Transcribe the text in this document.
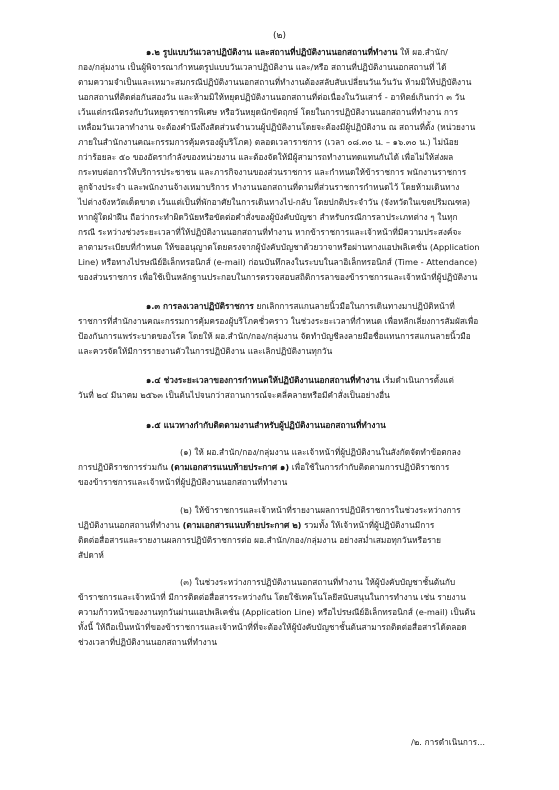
(๒)
๑.๒ รูปแบบวันเวลาปฏิบัติงาน และสถานที่ปฏิบัติงานนอกสถานที่ทำงาน ให้ ผอ.สำนัก/
กอง/กลุ่มงาน เป็นผู้พิจารณากำหนดรูปแบบวันเวลาปฏิบัติงาน และ/หรือ สถานที่ปฏิบัติงานนอกสถานที่ ได้
ตามความจำเป็นและเหมาะสมกรณีปฏิบัติงานนอกสถานที่ทำงานต้องสลับสับเปลี่ยนวันเว้นวัน ห้ามมิให้ปฏิบัติงาน
นอกสถานที่ติดต่อกันสองวัน และห้ามมิให้หยุดปฏิบัติงานนอกสถานที่ต่อเนื่องในวันเสาร์ - อาทิตย์เกินกว่า ๓ วัน
เว้นแต่กรณีตรงกับวันหยุดราชการพิเศษ หรือวันหยุดนักขัตฤกษ์ โดยในการปฏิบัติงานนอกสถานที่ทำงาน การ
เหลื่อมวันเวลาทำงาน จะต้องคำนึงถึงสัดส่วนจำนวนผู้ปฏิบัติงานโดยจะต้องมีผู้ปฏิบัติงาน ณ สถานที่ตั้ง (หน่วยงาน
ภายในสำนักงานคณะกรรมการคุ้มครองผู้บริโภค) ตลอดเวลาราชการ (เวลา ๐๘.๓๐ น. – ๑๖.๓๐ น.) ไม่น้อย
กว่าร้อยละ ๕๐ ของอัตรากำลังของหน่วยงาน และต้องจัดให้มีผู้สามารถทำงานทดแทนกันได้ เพื่อไม่ให้ส่งผล
กระทบต่อการให้บริการประชาชน และภารกิจงานของส่วนราชการ และกำหนดให้ข้าราชการ พนักงานราชการ
ลูกจ้างประจำ และพนักงานจ้างเหมาบริการ ทำงานนอกสถานที่ตามที่ส่วนราชการกำหนดไว้ โดยห้ามเดินทาง
ไปต่างจังหวัดเด็ดขาด เว้นแต่เป็นที่พักอาศัยในการเดินทางไป-กลับ โดยปกติประจำวัน (จังหวัดในเขตปริมณฑล)
หากผู้ใดฝ่าฝืน ถือว่ากระทำผิดวินัยหรือขัดต่อคำสั่งของผู้บังคับบัญชา สำหรับกรณีการลาประเภทต่าง ๆ ในทุก
กรณี ระหว่างช่วงระยะเวลาที่ให้ปฏิบัติงานนอกสถานที่ทำงาน หากข้าราชการและเจ้าหน้าที่มีความประสงค์จะ
ลาตามระเบียบที่กำหนด ให้ขออนุญาตโดยตรงจากผู้บังคับบัญชาด้วยวาจาหรือผ่านทางแอปพลิเคชั่น (Application
Line) หรือทางไปรษณีย์อิเล็กทรอนิกส์ (e-mail) ก่อนบันทึกลงในระบบในลาอิเล็กทรอนิกส์ (Time - Attendance)
ของส่วนราชการ เพื่อใช้เป็นหลักฐานประกอบในการตรวจสอบสถิติการลาของข้าราชการและเจ้าหน้าที่ผู้ปฏิบัติงาน
๑.๓ การลงเวลาปฏิบัติราชการ ยกเลิกการสแกนลายนิ้วมือในการเดินทางมาปฏิบัติหน้าที่
ราชการที่สำนักงานคณะกรรมการคุ้มครองผู้บริโภคชั่วคราว ในช่วงระยะเวลาที่กำหนด เพื่อหลีกเลี่ยงการสัมผัสเพื่อ
ป้องกันการแพร่ระบาดของโรค โดยให้ ผอ.สำนัก/กอง/กลุ่มงาน จัดทำบัญชีลงลายมือชื่อแทนการสแกนลายนิ้วมือ
และควรจัดให้มีการรายงานตัวในการปฏิบัติงาน และเลิกปฏิบัติงานทุกวัน
๑.๔ ช่วงระยะเวลาของการกำหนดให้ปฏิบัติงานนอกสถานที่ทำงาน เริ่มดำเนินการตั้งแต่
วันที่ ๒๔ มีนาคม ๒๕๖๓ เป็นต้นไปจนกว่าสถานการณ์จะคลี่คลายหรือมีคำสั่งเป็นอย่างอื่น
๑.๕ แนวทางกำกับติดตามงานสำหรับผู้ปฏิบัติงานนอกสถานที่ทำงาน
(๑) ให้ ผอ.สำนัก/กอง/กลุ่มงาน และเจ้าหน้าที่ผู้ปฏิบัติงานในสังกัดจัดทำข้อตกลง
การปฏิบัติราชการร่วมกัน (ตามเอกสารแนบท้ายประกาศ ๑) เพื่อใช้ในการกำกับติดตามการปฏิบัติราชการ
ของข้าราชการและเจ้าหน้าที่ผู้ปฏิบัติงานนอกสถานที่ทำงาน
(๒) ให้ข้าราชการและเจ้าหน้าที่รายงานผลการปฏิบัติราชการในช่วงระหว่างการ
ปฏิบัติงานนอกสถานที่ทำงาน (ตามเอกสารแนบท้ายประกาศ ๒) รวมทั้ง ให้เจ้าหน้าที่ผู้ปฏิบัติงานมีการ
ติดต่อสื่อสารและรายงานผลการปฏิบัติราชการต่อ ผอ.สำนัก/กอง/กลุ่มงาน อย่างสม่ำเสมอทุกวันหรือราย
สัปดาห์
(๓) ในช่วงระหว่างการปฏิบัติงานนอกสถานที่ทำงาน ให้ผู้บังคับบัญชาชั้นต้นกับ
ข้าราชการและเจ้าหน้าที่ มีการติดต่อสื่อสารระหว่างกัน โดยใช้เทคโนโลยีสนับสนุนในการทำงาน เช่น รายงาน
ความก้าวหน้าของงานทุกวันผ่านแอปพลิเคชั่น (Application Line) หรือไปรษณีย์อิเล็กทรอนิกส์ (e-mail) เป็นต้น
ทั้งนี้ ให้ถือเป็นหน้าที่ของข้าราชการและเจ้าหน้าที่ที่จะต้องให้ผู้บังคับบัญชาชั้นต้นสามารถติดต่อสื่อสารได้ตลอด
ช่วงเวลาที่ปฏิบัติงานนอกสถานที่ทำงาน
/๒. การดำเนินการ...
